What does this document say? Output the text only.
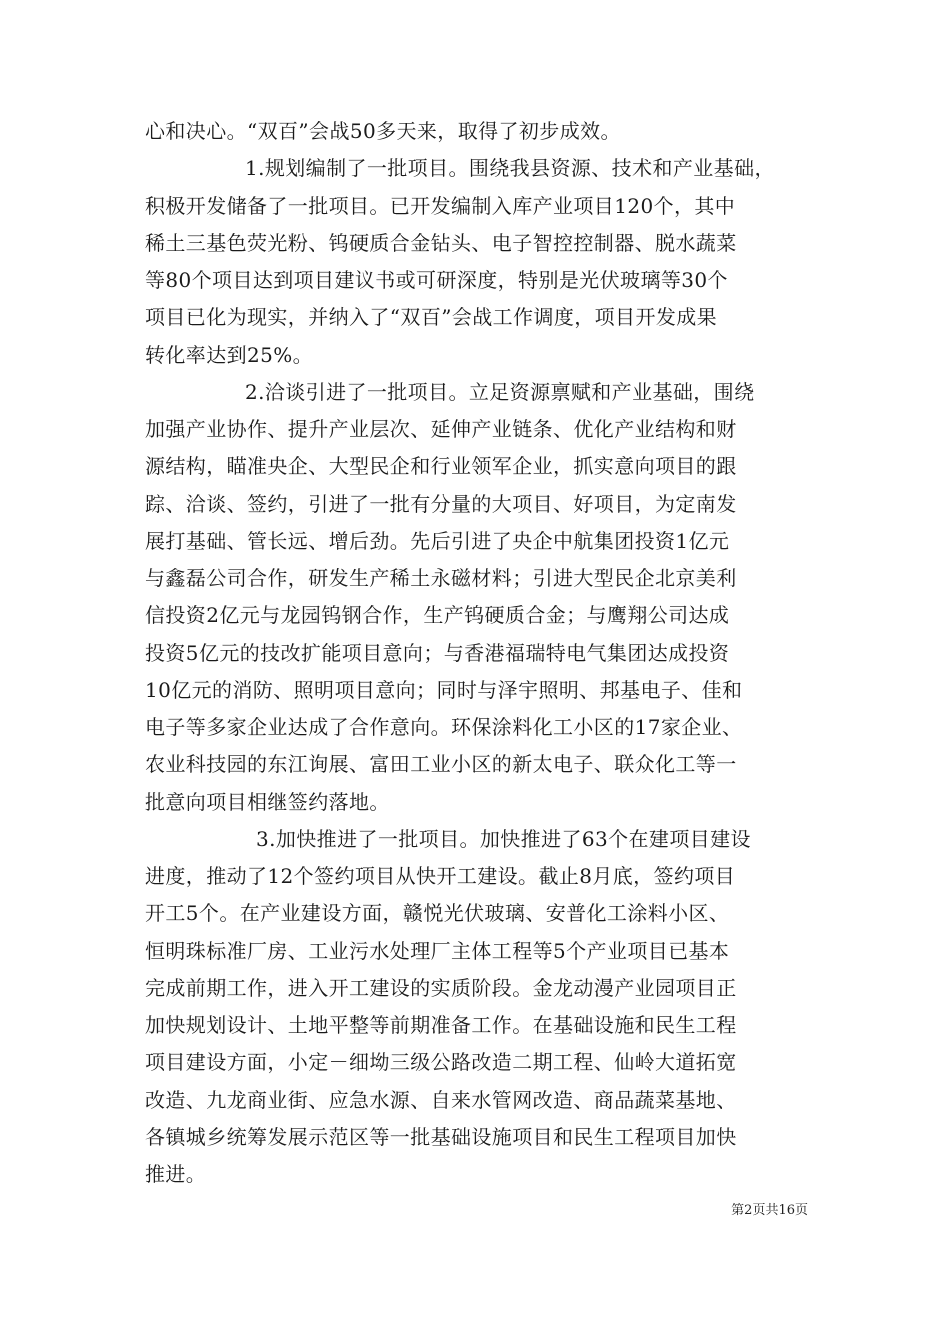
心和决心。“双百”会战50多天来，取得了初步成效。
1.规划编制了一批项目。围绕我县资源、技术和产业基础，
积极开发储备了一批项目。已开发编制入库产业项目120个，其中
稀土三基色荧光粉、钨硬质合金钻头、电子智控控制器、脱水蔬菜
等80个项目达到项目建议书或可研深度，特别是光伏玻璃等30个
项目已化为现实，并纳入了“双百”会战工作调度，项目开发成果
转化率达到25%。
2.洽谈引进了一批项目。立足资源禀赋和产业基础，围绕
加强产业协作、提升产业层次、延伸产业链条、优化产业结构和财
源结构，瞄准央企、大型民企和行业领军企业，抓实意向项目的跟
踪、洽谈、签约，引进了一批有分量的大项目、好项目，为定南发
展打基础、管长远、增后劲。先后引进了央企中航集团投资1亿元
与鑫磊公司合作，研发生产稀土永磁材料；引进大型民企北京美利
信投资2亿元与龙园钨钢合作，生产钨硬质合金；与鹰翔公司达成
投资5亿元的技改扩能项目意向；与香港福瑞特电气集团达成投资
10亿元的消防、照明项目意向；同时与泽宇照明、邦基电子、佳和
电子等多家企业达成了合作意向。环保涂料化工小区的17家企业、
农业科技园的东江询展、富田工业小区的新太电子、联众化工等一
批意向项目相继签约落地。
3.加快推进了一批项目。加快推进了63个在建项目建设
进度，推动了12个签约项目从快开工建设。截止8月底，签约项目
开工5个。在产业建设方面，赣悦光伏玻璃、安普化工涂料小区、
恒明珠标准厂房、工业污水处理厂主体工程等5个产业项目已基本
完成前期工作，进入开工建设的实质阶段。金龙动漫产业园项目正
加快规划设计、土地平整等前期准备工作。在基础设施和民生工程
项目建设方面，小定－细坳三级公路改造二期工程、仙岭大道拓宽
改造、九龙商业街、应急水源、自来水管网改造、商品蔬菜基地、
各镇城乡统筹发展示范区等一批基础设施项目和民生工程项目加快
推进。
第2页共16页
